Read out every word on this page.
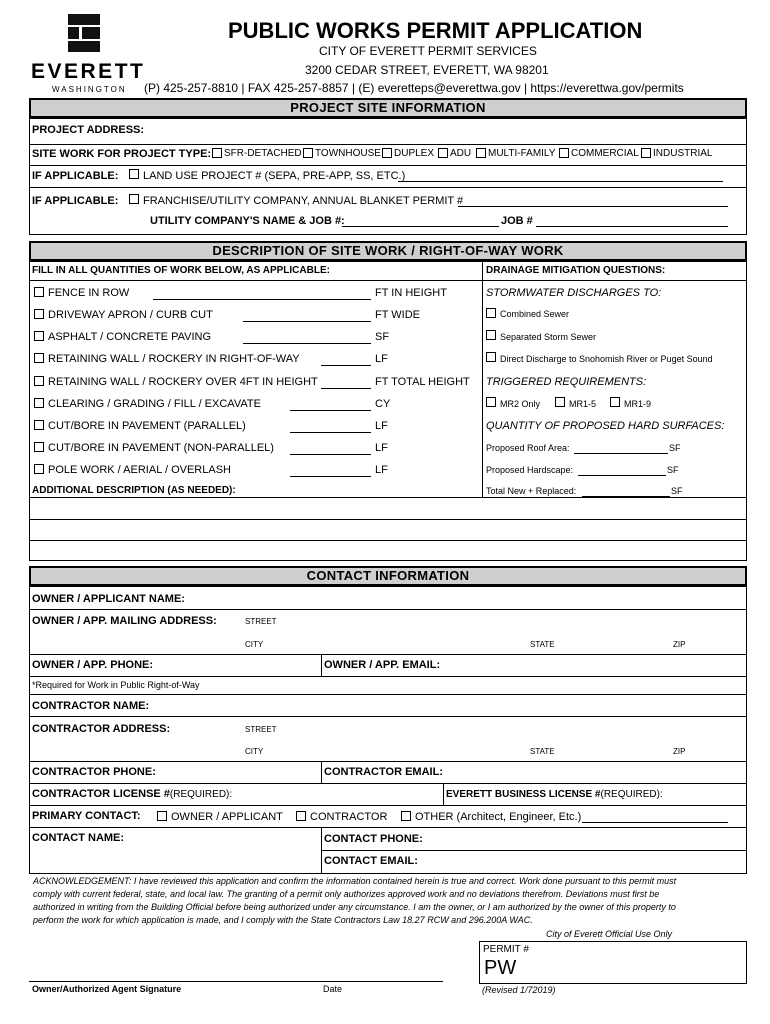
EVERETT
WASHINGTON
PUBLIC WORKS PERMIT APPLICATION
CITY OF EVERETT PERMIT SERVICES
3200 CEDAR STREET, EVERETT, WA 98201
(P) 425-257-8810 | FAX 425-257-8857 | (E) everetteps@everettwa.gov | https://everettwa.gov/permits
PROJECT SITE INFORMATION
PROJECT ADDRESS:
SITE WORK FOR PROJECT TYPE: SFR-DETACHED TOWNHOUSE DUPLEX ADU MULTI-FAMILY COMMERCIAL INDUSTRIAL
IF APPLICABLE: LAND USE PROJECT # (SEPA, PRE-APP, SS, ETC.)
IF APPLICABLE: FRANCHISE/UTILITY COMPANY, ANNUAL BLANKET PERMIT #
UTILITY COMPANY'S NAME & JOB #:	JOB #
DESCRIPTION OF SITE WORK / RIGHT-OF-WAY WORK
FILL IN ALL QUANTITIES OF WORK BELOW, AS APPLICABLE:	DRAINAGE MITIGATION QUESTIONS:
FENCE IN ROW	FT IN HEIGHT
DRIVEWAY APRON / CURB CUT	FT WIDE
ASPHALT / CONCRETE PAVING	SF
RETAINING WALL / ROCKERY IN RIGHT-OF-WAY	LF
RETAINING WALL / ROCKERY OVER 4FT IN HEIGHT	FT TOTAL HEIGHT
CLEARING / GRADING / FILL / EXCAVATE	CY
CUT/BORE IN PAVEMENT (PARALLEL)	LF
CUT/BORE IN PAVEMENT (NON-PARALLEL)	LF
POLE WORK / AERIAL / OVERLASH	LF
ADDITIONAL DESCRIPTION (AS NEEDED):
STORMWATER DISCHARGES TO:
Combined Sewer
Separated Storm Sewer
Direct Discharge to Snohomish River or Puget Sound
TRIGGERED REQUIREMENTS:
MR2 Only	MR1-5	MR1-9
QUANTITY OF PROPOSED HARD SURFACES:
Proposed Roof Area:	SF
Proposed Hardscape:	SF
Total New + Replaced:	SF
CONTACT INFORMATION
OWNER / APPLICANT NAME:
OWNER / APP. MAILING ADDRESS:	STREET
CITY	STATE	ZIP
OWNER / APP. PHONE:	OWNER / APP. EMAIL:
*Required for Work in Public Right-of-Way
CONTRACTOR NAME:
CONTRACTOR ADDRESS:	STREET
CITY	STATE	ZIP
CONTRACTOR PHONE:	CONTRACTOR EMAIL:
CONTRACTOR LICENSE #(REQUIRED):	EVERETT BUSINESS LICENSE #(REQUIRED):
PRIMARY CONTACT:	OWNER / APPLICANT CONTRACTOR	OTHER (Architect, Engineer, Etc.)
CONTACT NAME:	CONTACT PHONE:
CONTACT EMAIL:
ACKNOWLEDGEMENT: I have reviewed this application and confirm the information contained herein is true and correct. Work done pursuant to this permit must
comply with current federal, state, and local law. The granting of a permit only authorizes approved work and no deviations therefrom. Deviations must first be
authorized in writing from the Building Official before being authorized under any circumstance. I am the owner, or I am authorized by the owner of this property to
perform the work for which application is made, and I comply with the State Contractors Law 18.27 RCW and 296.200A WAC.
City of Everett Official Use Only
PERMIT #
PW
(Revised 1/72019)
Owner/Authorized Agent Signature	Date
